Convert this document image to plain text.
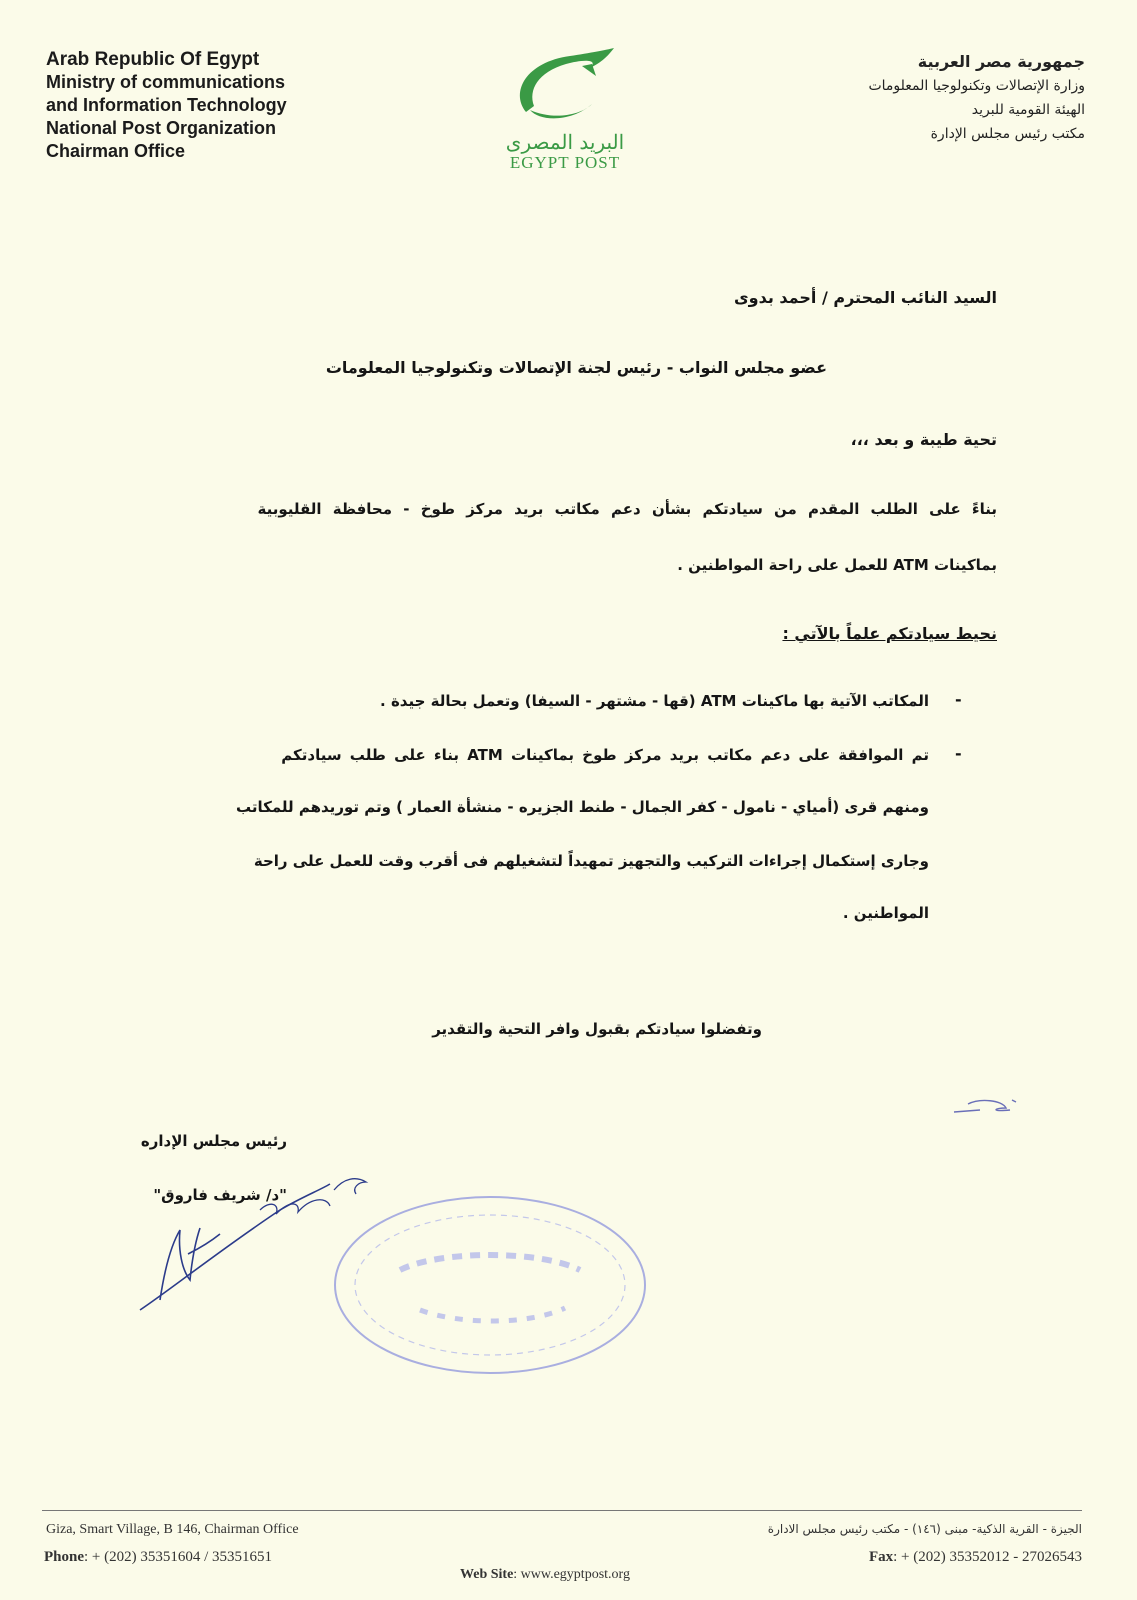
Arab Republic Of Egypt
Ministry of communications
and Information Technology
National Post Organization
Chairman Office	البريد المصرى
EGYPT POST
جمهورية مصر العربية
وزارة الإتصالات وتكنولوجيا المعلومات
الهيئة القومية للبريد
مكتب رئيس مجلس الإدارة
السيد النائب المحترم / أحمد بدوى
عضو مجلس النواب - رئيس لجنة الإتصالات وتكنولوجيا المعلومات
تحية طيبة و بعد ،،،
بناءً على الطلب المقدم من سيادتكم بشأن دعم مكاتب بريد مركز طوخ - محافظة القليوبية
بماكينات ATM للعمل على راحة المواطنين .
نحيط سيادتكم علماً بالآتي :
-
المكاتب الآتية بها ماكينات ATM (قها - مشتهر - السيفا) وتعمل بحالة جيدة .
-
تم الموافقة على دعم مكاتب بريد مركز طوخ بماكينات ATM بناء على طلب سيادتكم
ومنهم قرى (أمياي - نامول - كفر الجمال - طنط الجزيره - منشأة العمار ) وتم توريدهم للمكاتب
وجارى إستكمال إجراءات التركيب والتجهيز تمهيداً لتشغيلهم فى أقرب وقت للعمل على راحة
المواطنين .
وتفضلوا سيادتكم بقبول وافر التحية والتقدير
رئيس مجلس الإداره
"د/ شريف فاروق"
Giza, Smart Village, B 146, Chairman Office
Phone: + (202) 35351604 / 35351651
Web Site: www.egyptpost.org
الجيزة - القرية الذكية- مبنى (١٤٦) - مكتب رئيس مجلس الادارة
Fax: + (202) 35352012 - 27026543
